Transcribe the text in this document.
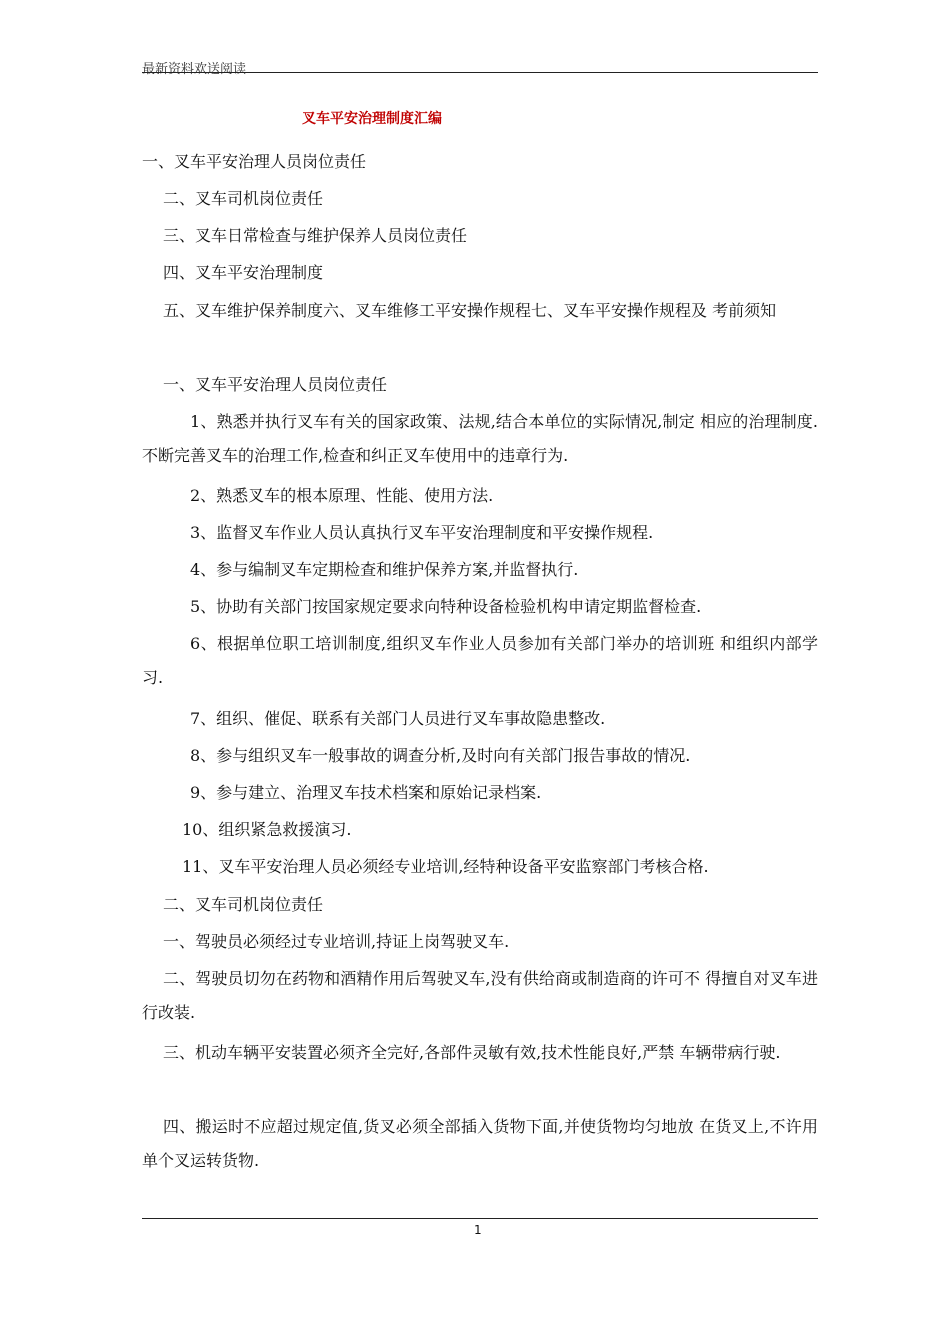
最新资料欢送阅读
叉车平安治理制度汇编
一、叉车平安治理人员岗位责任
二、叉车司机岗位责任
三、叉车日常检查与维护保养人员岗位责任
四、叉车平安治理制度
五、叉车维护保养制度六、叉车维修工平安操作规程七、叉车平安操作规程及 考前须知
一、叉车平安治理人员岗位责任
1、熟悉并执行叉车有关的国家政策、法规,结合本单位的实际情况,制定 相应的治理制度.不断完善叉车的治理工作,检查和纠正叉车使用中的违章行为.
2、熟悉叉车的根本原理、性能、使用方法.
3、监督叉车作业人员认真执行叉车平安治理制度和平安操作规程.
4、参与编制叉车定期检查和维护保养方案,并监督执行.
5、协助有关部门按国家规定要求向特种设备检验机构申请定期监督检查.
6、根据单位职工培训制度,组织叉车作业人员参加有关部门举办的培训班 和组织内部学习.
7、组织、催促、联系有关部门人员进行叉车事故隐患整改.
8、参与组织叉车一般事故的调查分析,及时向有关部门报告事故的情况.
9、参与建立、治理叉车技术档案和原始记录档案.
10、组织紧急救援演习.
11、叉车平安治理人员必须经专业培训,经特种设备平安监察部门考核合格.
二、叉车司机岗位责任
一、驾驶员必须经过专业培训,持证上岗驾驶叉车.
二、驾驶员切勿在药物和酒精作用后驾驶叉车,没有供给商或制造商的许可不 得擅自对叉车进行改装.
三、机动车辆平安装置必须齐全完好,各部件灵敏有效,技术性能良好,严禁 车辆带病行驶.
四、搬运时不应超过规定值,货叉必须全部插入货物下面,并使货物均匀地放 在货叉上,不许用单个叉运转货物.
1
